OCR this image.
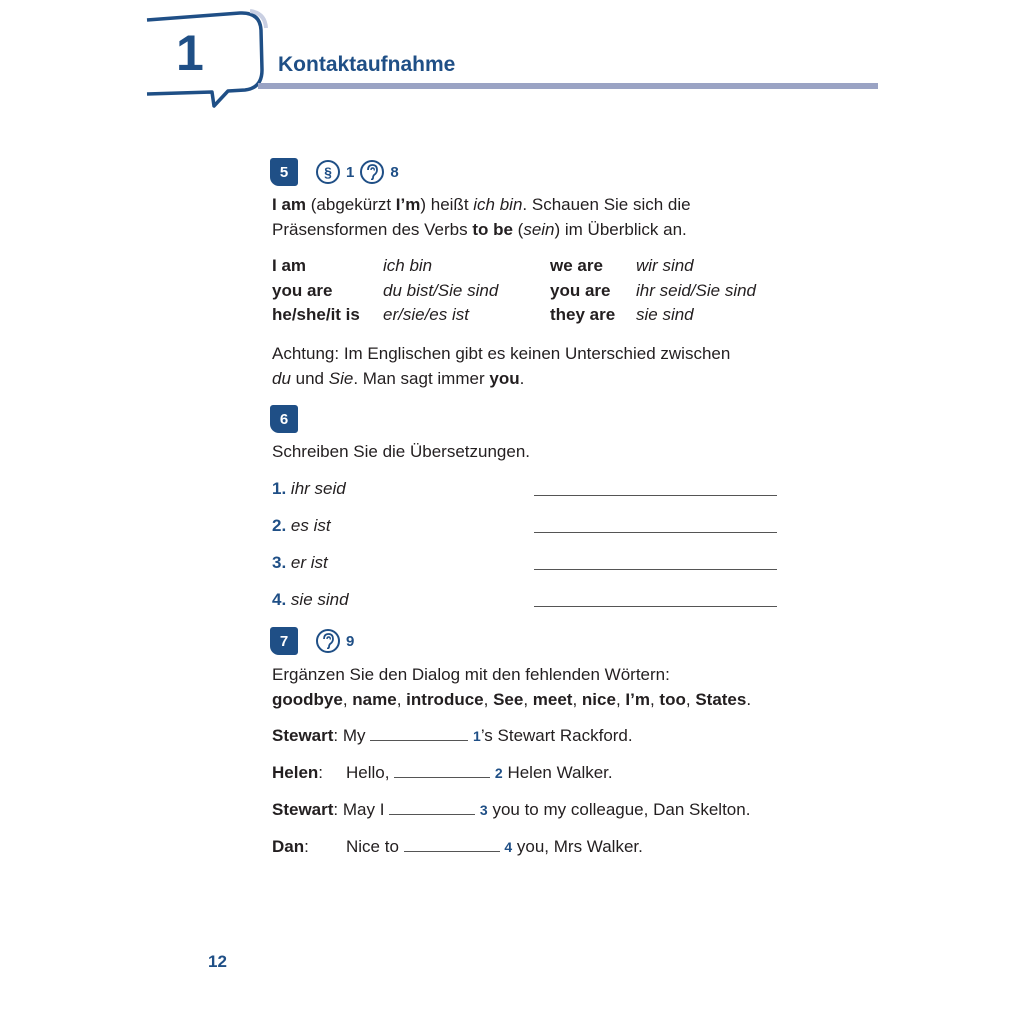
1	Kontaktaufnahme
5	§ 1 8
I am (abgekürzt I’m) heißt ich bin. Schauen Sie sich die
Präsensformen des Verbs to be (sein) im Überblick an.
I am	ich bin	we are	wir sind
you are	du bist/Sie sind	you are	ihr seid/Sie sind
he/she/it is	er/sie/es ist	they are	sie sind
Achtung: Im Englischen gibt es keinen Unterschied zwischen
du und Sie. Man sagt immer you.
6
Schreiben Sie die Übersetzungen.
1. ihr seid
2. es ist
3. er ist
4. sie sind
7	9
Ergänzen Sie den Dialog mit den fehlenden Wörtern:
goodbye, name, introduce, See, meet, nice, I’m, too, States.
Stewart: My	1’s Stewart Rackford.
Helen: Hello,	2 Helen Walker.
Stewart: May I	3 you to my colleague, Dan Skelton.
Dan: Nice to	4 you, Mrs Walker.
12
